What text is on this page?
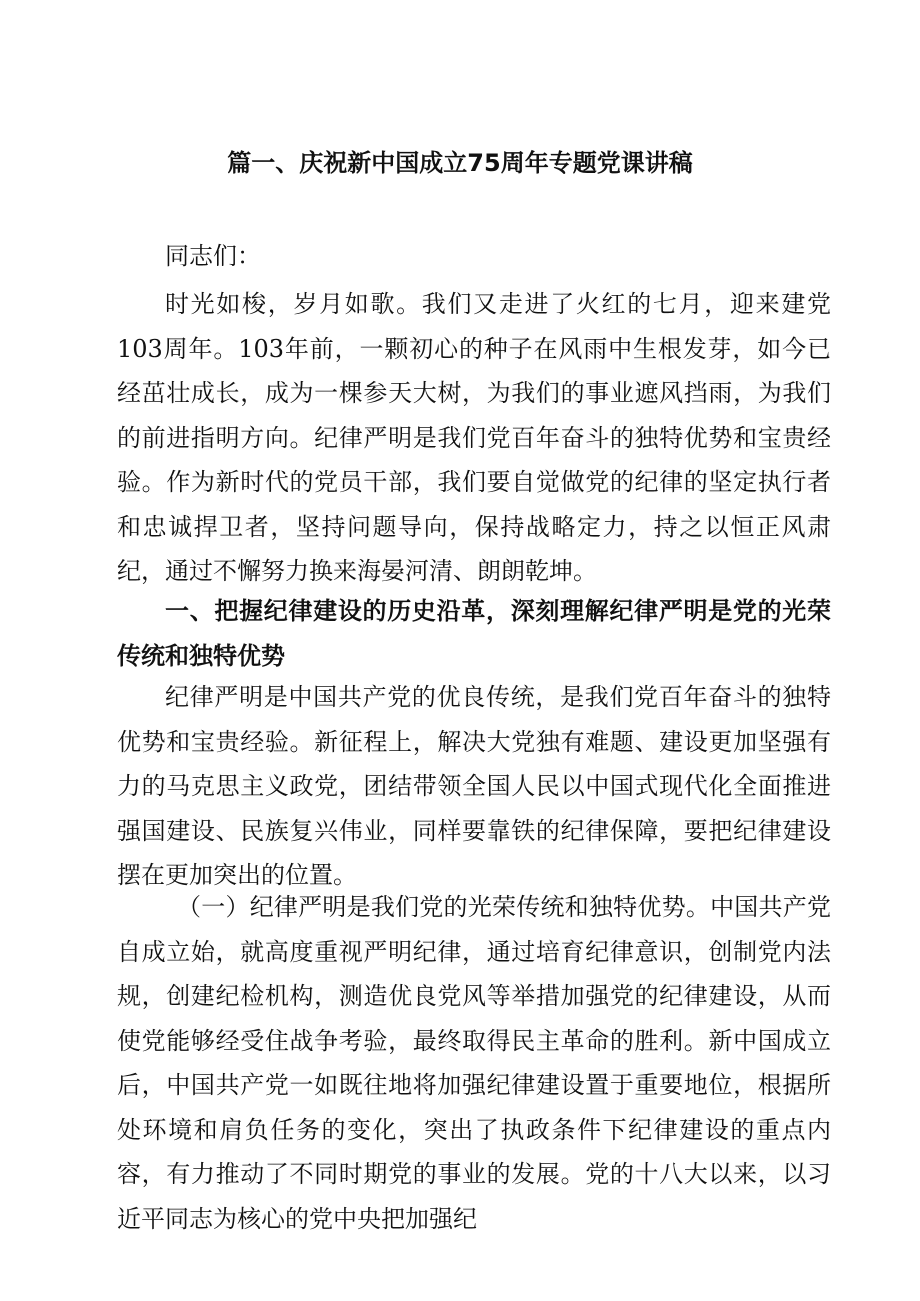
篇一、庆祝新中国成立75周年专题党课讲稿

同志们：

时光如梭，岁月如歌。我们又走进了火红的七月，迎来建党103周年。103年前，一颗初心的种子在风雨中生根发芽，如今已经茁壮成长，成为一棵参天大树，为我们的事业遮风挡雨，为我们的前进指明方向。纪律严明是我们党百年奋斗的独特优势和宝贵经验。作为新时代的党员干部，我们要自觉做党的纪律的坚定执行者和忠诚捍卫者，坚持问题导向，保持战略定力，持之以恒正风肃纪，通过不懈努力换来海晏河清、朗朗乾坤。

一、把握纪律建设的历史沿革，深刻理解纪律严明是党的光荣传统和独特优势

纪律严明是中国共产党的优良传统，是我们党百年奋斗的独特优势和宝贵经验。新征程上，解决大党独有难题、建设更加坚强有力的马克思主义政党，团结带领全国人民以中国式现代化全面推进强国建设、民族复兴伟业，同样要靠铁的纪律保障，要把纪律建设摆在更加突出的位置。

（一）纪律严明是我们党的光荣传统和独特优势。中国共产党自成立始，就高度重视严明纪律，通过培育纪律意识，创制党内法规，创建纪检机构，测造优良党风等举措加强党的纪律建设，从而使党能够经受住战争考验，最终取得民主革命的胜利。新中国成立后，中国共产党一如既往地将加强纪律建设置于重要地位，根据所处环境和肩负任务的变化，突出了执政条件下纪律建设的重点内容，有力推动了不同时期党的事业的发展。党的十八大以来，以习近平同志为核心的党中央把加强纪
